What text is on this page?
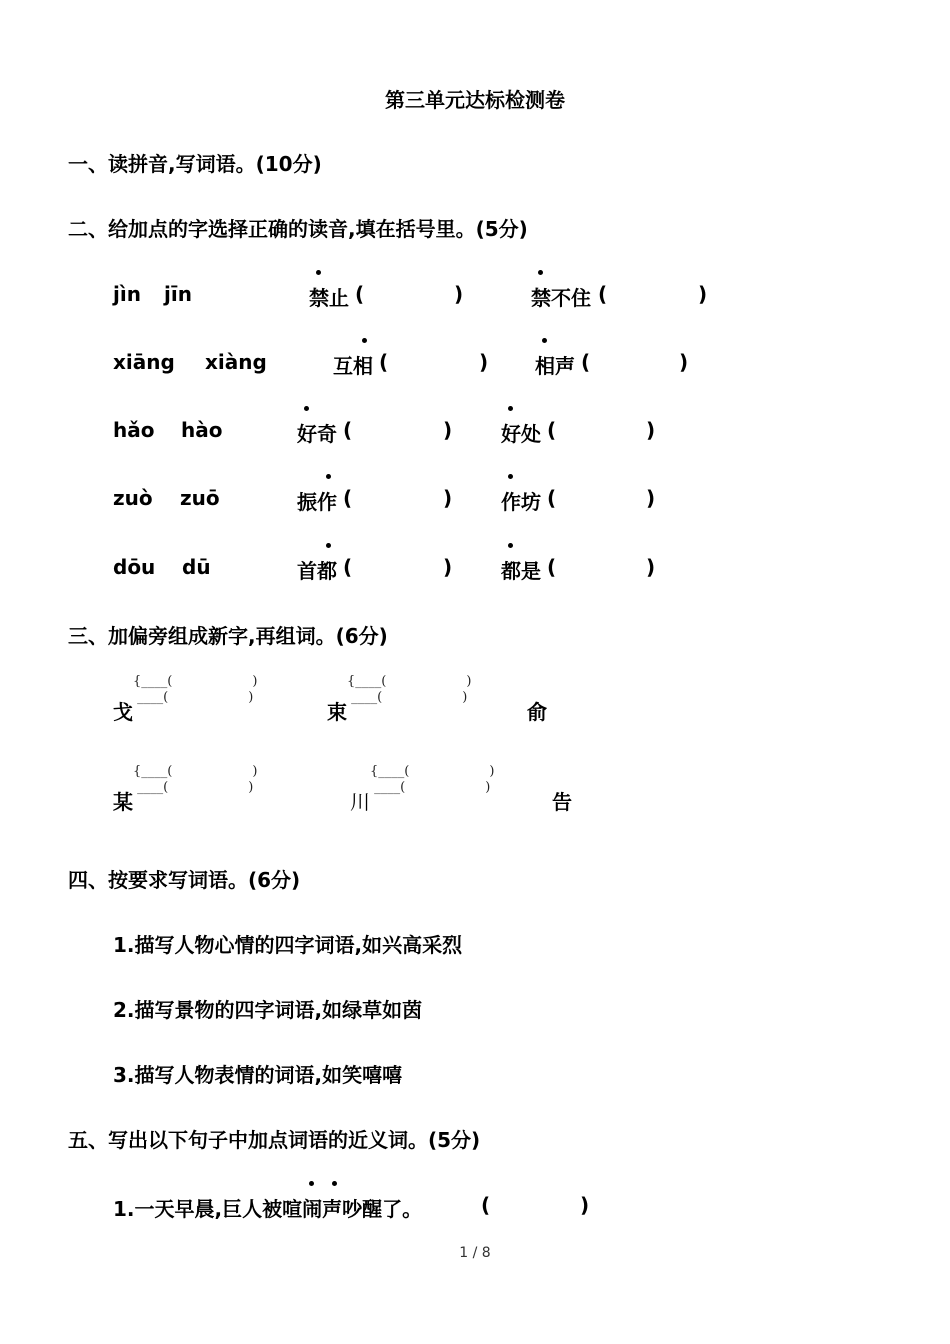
第三单元达标检测卷
一、读拼音,写词语。(10分)
二、给加点的字选择正确的读音,填在括号里。(5分)
jìn jīn	禁止 (	)	禁不住 (	)
xiāng xiàng	互相 (	) 相声 (	)
hǎo hào	好奇 (	) 好处 (	)
zuò zuō	振作 (	) 作坊 (	)
dōu dū	首都 (	) 都是 (	)
三、加偏旁组成新字,再组词。(6分)
戈
{____(	)
____(	)
束
{____(	)
____(	)
俞
某
{____(	)
____(	)
川
{____(	)
____(	)
告
四、按要求写词语。(6分)
1.描写人物心情的四字词语,如兴高采烈
2.描写景物的四字词语,如绿草如茵
3.描写人物表情的词语,如笑嘻嘻
五、写出以下句子中加点词语的近义词。(5分)
1.一天早晨,巨人被喧闹声吵醒了。	(	)
1 / 8
